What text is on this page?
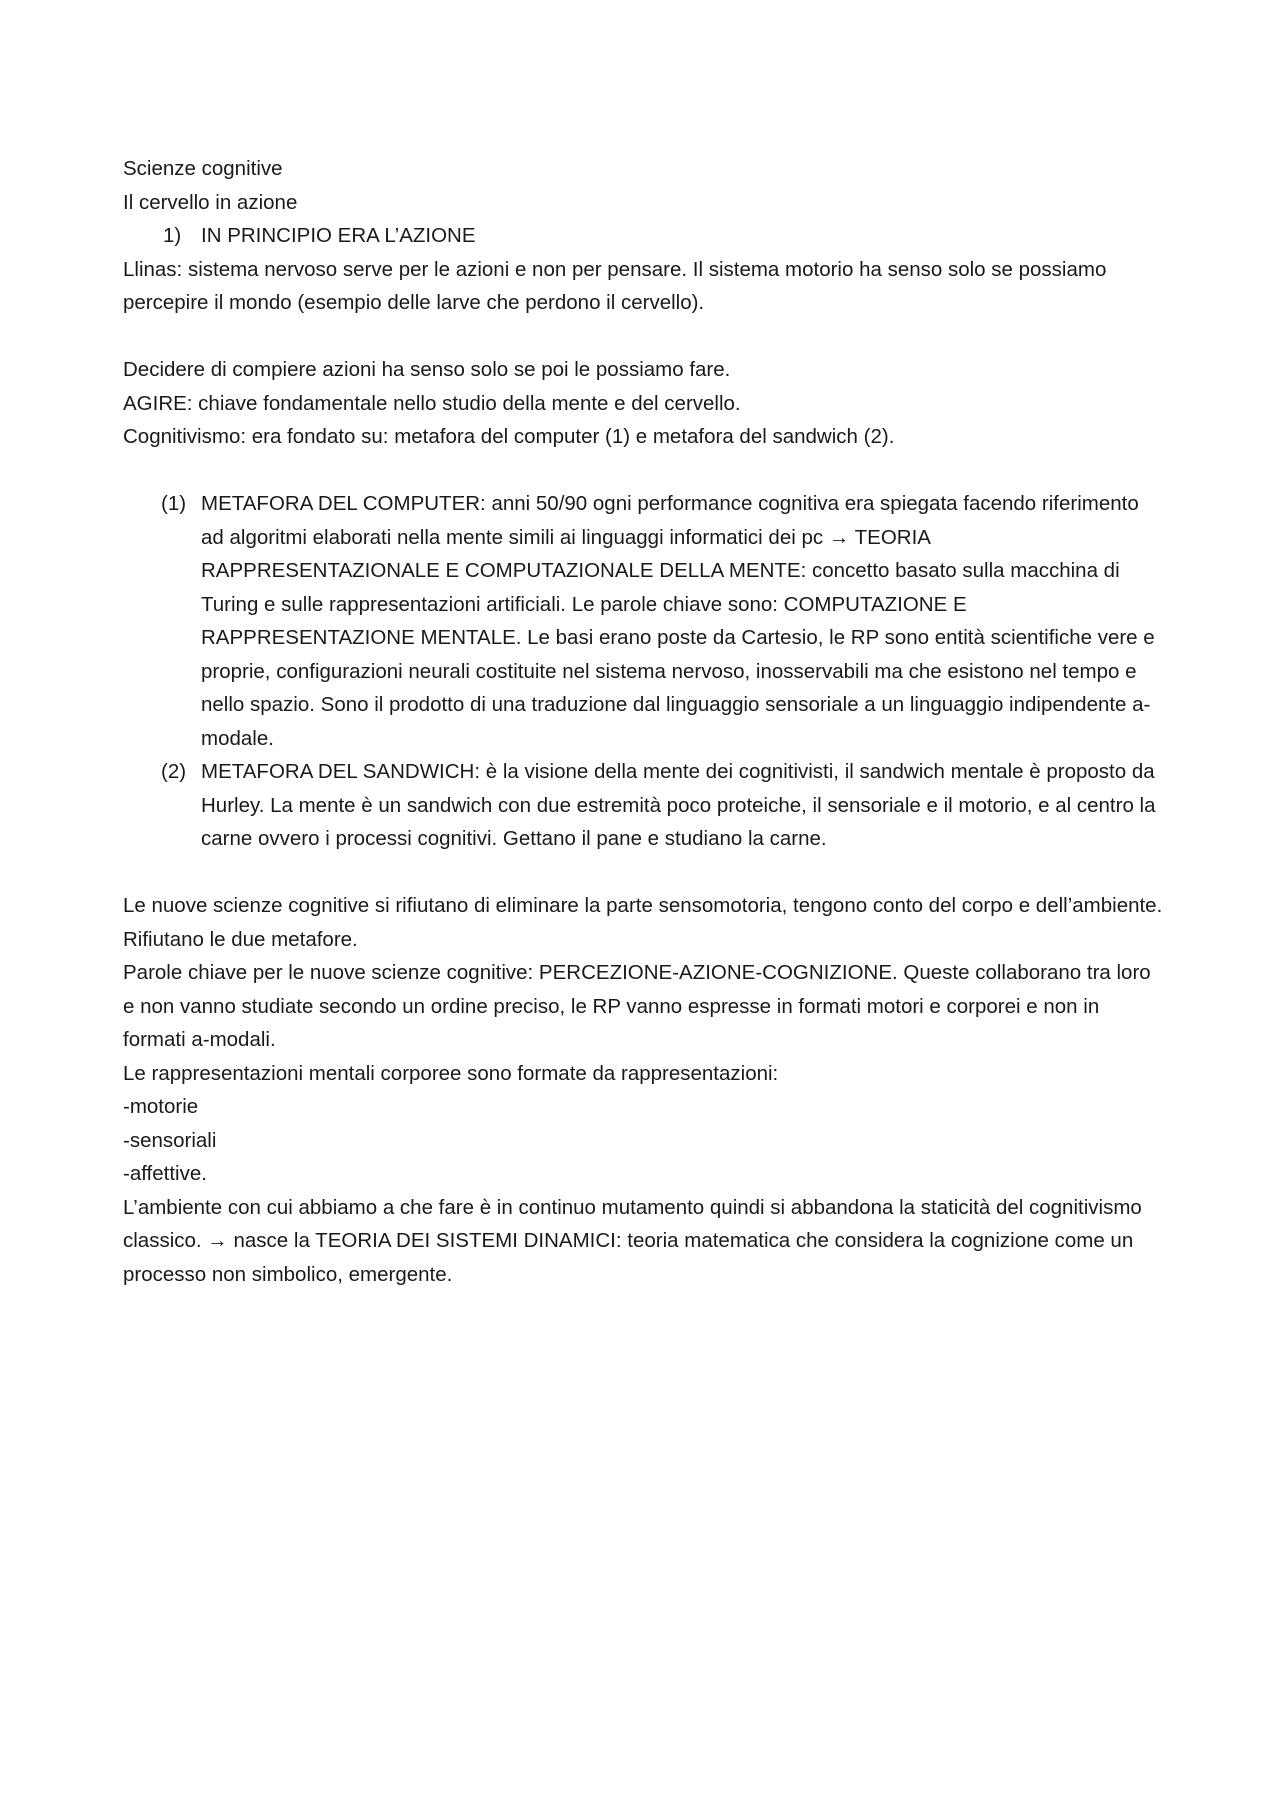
Scienze cognitive

Il cervello in azione

1) IN PRINCIPIO ERA L’AZIONE

Llinas: sistema nervoso serve per le azioni e non per pensare. Il sistema motorio ha senso solo se possiamo percepire il mondo (esempio delle larve che perdono il cervello).

Decidere di compiere azioni ha senso solo se poi le possiamo fare.

AGIRE: chiave fondamentale nello studio della mente e del cervello.

Cognitivismo: era fondato su: metafora del computer (1) e metafora del sandwich (2).

(1) METAFORA DEL COMPUTER: anni 50/90 ogni performance cognitiva era spiegata facendo riferimento ad algoritmi elaborati nella mente simili ai linguaggi informatici dei pc → TEORIA RAPPRESENTAZIONALE E COMPUTAZIONALE DELLA MENTE: concetto basato sulla macchina di Turing e sulle rappresentazioni artificiali. Le parole chiave sono: COMPUTAZIONE E RAPPRESENTAZIONE MENTALE. Le basi erano poste da Cartesio, le RP sono entità scientifiche vere e proprie, configurazioni neurali costituite nel sistema nervoso, inosservabili ma che esistono nel tempo e nello spazio. Sono il prodotto di una traduzione dal linguaggio sensoriale a un linguaggio indipendente a-modale.
(2) METAFORA DEL SANDWICH: è la visione della mente dei cognitivisti, il sandwich mentale è proposto da Hurley. La mente è un sandwich con due estremità poco proteiche, il sensoriale e il motorio, e al centro la carne ovvero i processi cognitivi. Gettano il pane e studiano la carne.

Le nuove scienze cognitive si rifiutano di eliminare la parte sensomotoria, tengono conto del corpo e dell’ambiente. Rifiutano le due metafore.

Parole chiave per le nuove scienze cognitive: PERCEZIONE-AZIONE-COGNIZIONE. Queste collaborano tra loro e non vanno studiate secondo un ordine preciso, le RP vanno espresse in formati motori e corporei e non in formati a-modali.

Le rappresentazioni mentali corporee sono formate da rappresentazioni:

-motorie

-sensoriali

-affettive.

L’ambiente con cui abbiamo a che fare è in continuo mutamento quindi si abbandona la staticità del cognitivismo classico. → nasce la TEORIA DEI SISTEMI DINAMICI: teoria matematica che considera la cognizione come un processo non simbolico, emergente.
